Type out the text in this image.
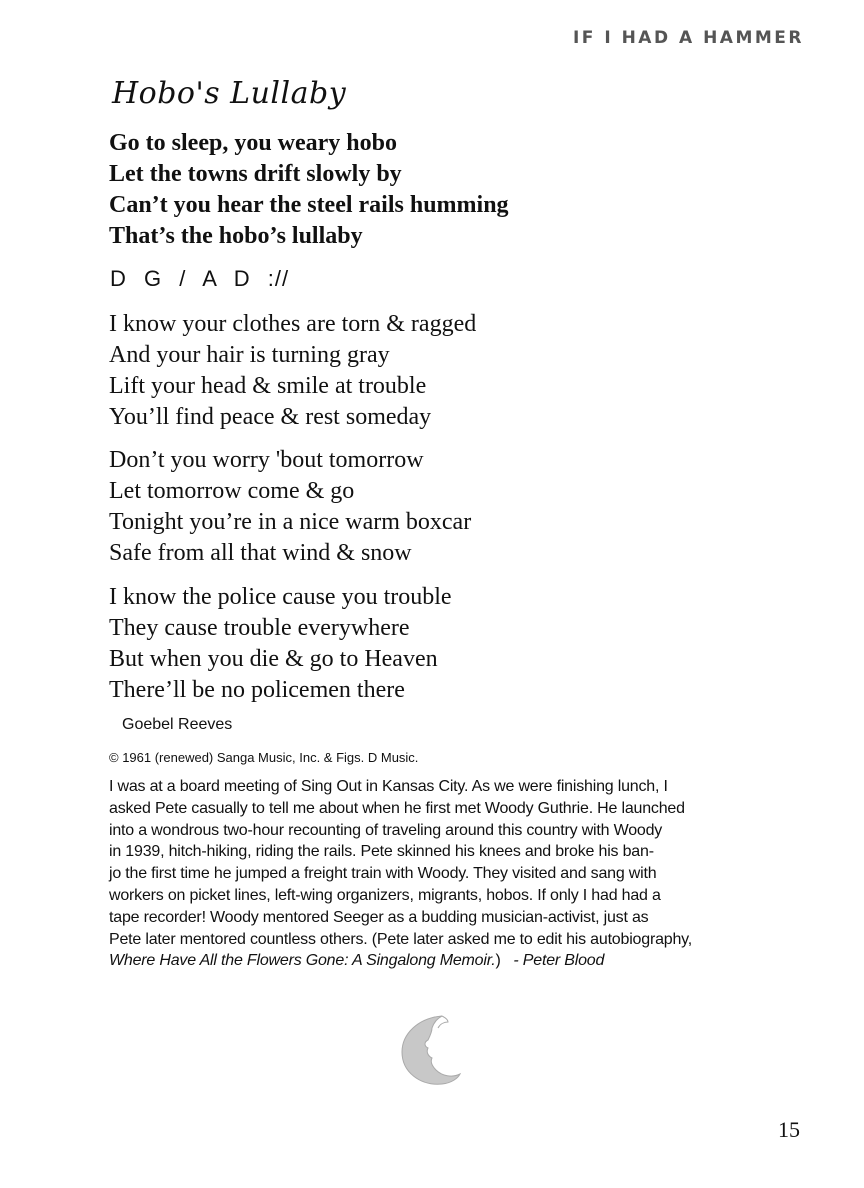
IF I HAD A HAMMER
Hobo's Lullaby
Go to sleep, you weary hobo
Let the towns drift slowly by
Can’t you hear the steel rails humming
That’s the hobo’s lullaby
D G / A D ://
I know your clothes are torn & ragged
And your hair is turning gray
Lift your head & smile at trouble
You’ll find peace & rest someday
Don’t you worry 'bout tomorrow
Let tomorrow come & go
Tonight you’re in a nice warm boxcar
Safe from all that wind & snow
I know the police cause you trouble
They cause trouble everywhere
But when you die & go to Heaven
There’ll be no policemen there
Goebel Reeves
© 1961 (renewed) Sanga Music, Inc. & Figs. D Music.
I was at a board meeting of Sing Out in Kansas City. As we were finishing lunch, I
asked Pete casually to tell me about when he first met Woody Guthrie. He launched
into a wondrous two-hour recounting of traveling around this country with Woody
in 1939, hitch-hiking, riding the rails. Pete skinned his knees and broke his ban-
jo the first time he jumped a freight train with Woody. They visited and sang with
workers on picket lines, left-wing organizers, migrants, hobos. If only I had had a
tape recorder! Woody mentored Seeger as a budding musician-activist, just as
Pete later mentored countless others. (Pete later asked me to edit his autobiography,
Where Have All the Flowers Gone: A Singalong Memoir.) - Peter Blood
15
